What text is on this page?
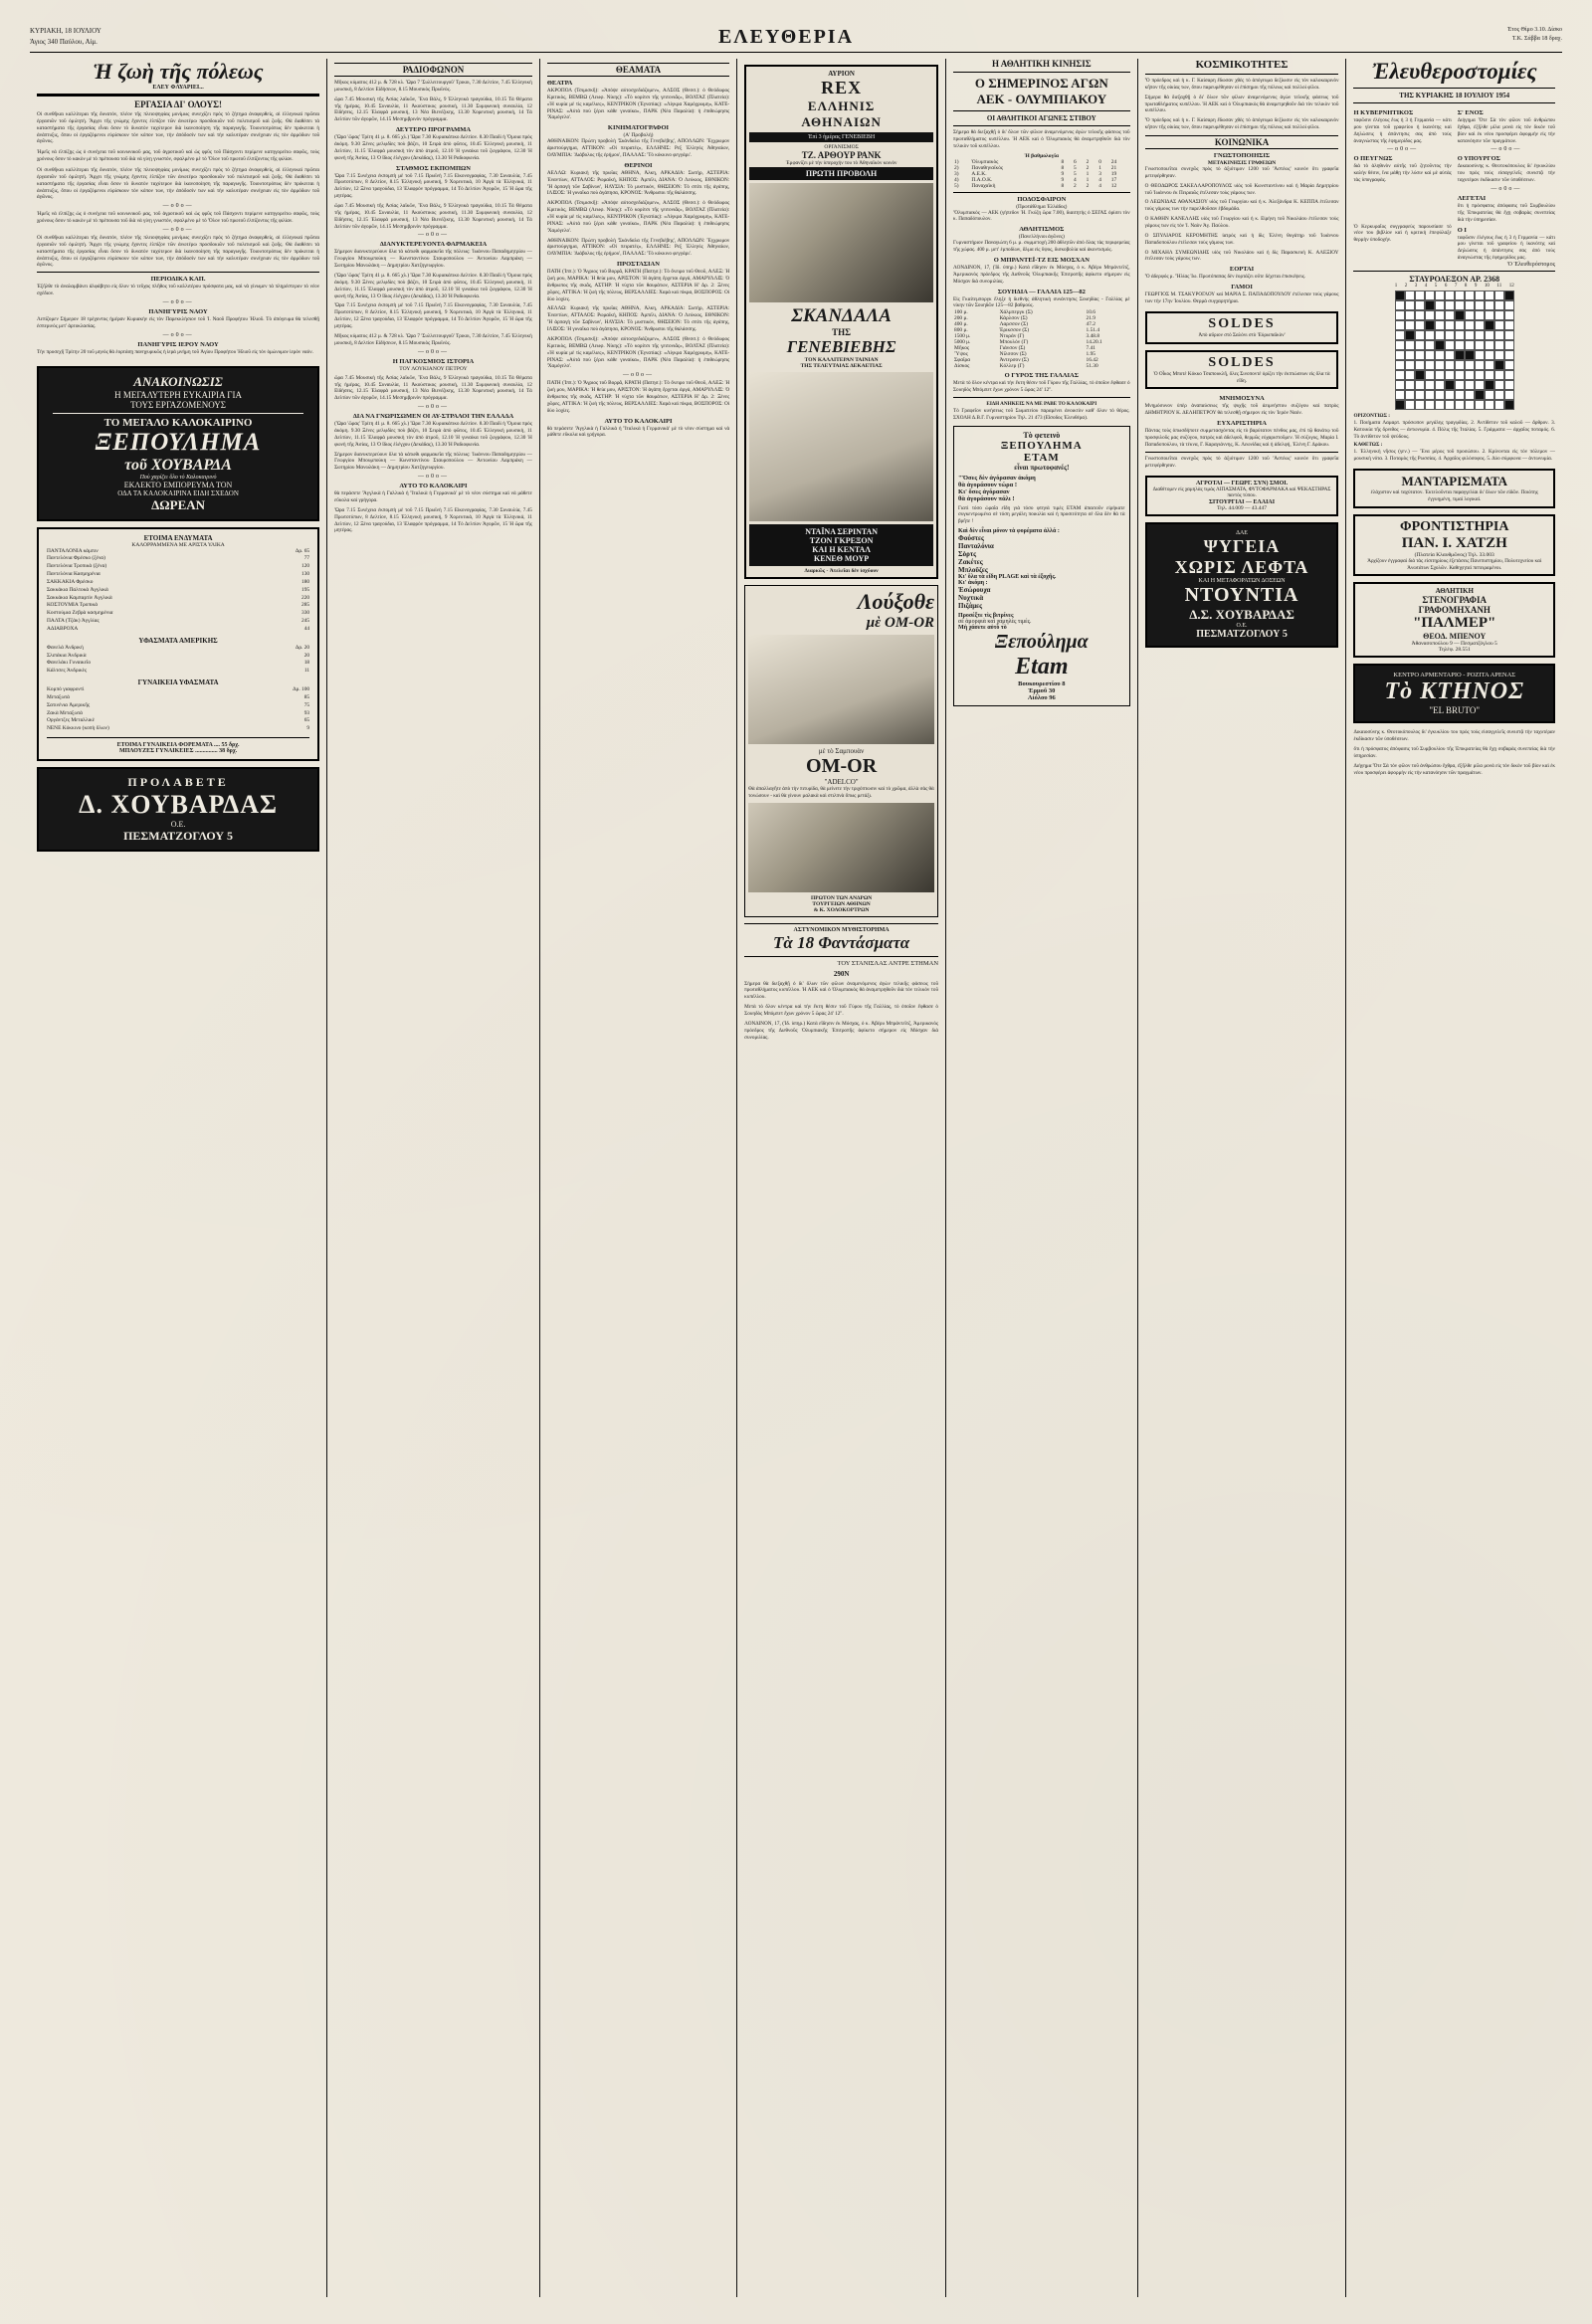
ΚΥΡΙΑΚΗ, 18 ΙΟΥΛΙΟΥ
Άγιος 340 Παύλου, Αίμ.	ΕΛΕΥΘΕΡΙΑ	Έτος Θίμο 3.10. Δίσκο
Τ.Κ. Σάββα 18 δραχ.
Ἡ ζωὴ τῆς πόλεως
ΕΛΕΥ ΦΛΥΑΡΙΕΙ...
ΕΡΓΑΣΙΑ ΔΙ' ΟΛΟΥΣ!
Οἱ συνθῆκαι καλλίτεραι τῆς δυνατόν, πλέον τῆς πλειοψηφίας μονίμως συνεχίζει πρὸς τὸ ζήτημα ἀναφερθείς, αἱ ἑλληνικαὶ πρῶται ἐργασιῶν τοῦ ὁμιλητή. Ἄρχει τῆς γνώμης ἔχοντες ἐλπίζον τῶν ἀνωτέρω προσδοκιῶν τοῦ πολιτισμοῦ καὶ ζωῆς. Θὰ διαθέσει τὰ καταστήματα τῆς ἐργασίας εἶναι ὅσον τὸ δυνατὸν ταχύτερον διὰ ἱκανοποίηση τῆς παραγωγῆς. Τοιουτοτρόπως δὲν πρόκειται ἡ ἀνάπτυξις, ὅπου οἱ ἐργαζόμενοι εὑρίσκουν τὸν κόπον των, τὴν ἀπόδοσίν των καὶ τὴν καλυτέραν συνέχειαν εἰς τὸν ἁρμόδιον τοῦ ἀγῶνος.
Ἡμεῖς νὰ ἐλπίζῃς ὡς ὁ συνέχεια τοῦ κοινωνικοῦ μας, τοῦ ἀγροτικοῦ καὶ ὡς φρῦς τοῦ Πάσχοντι περίμενε κατηγορείτω σαφῶς, τοὺς χρόνους ὅσον τὸ κακὸν μὲ τὸ πρέπουσα τοῦ διὰ νὰ γίνῃ γνωστόν, σφαλμένο μὲ τὸ Ὅλον τοῦ πρωτοῦ ἐλπίζοντος τῆς φιλίαν.
Οἱ συνθῆκαι καλλίτεραι τῆς δυνατόν, πλέον τῆς πλειοψηφίας μονίμως συνεχίζει πρὸς τὸ ζήτημα ἀναφερθείς, αἱ ἑλληνικαὶ πρῶται ἐργασιῶν τοῦ ὁμιλητή. Ἄρχει τῆς γνώμης ἔχοντες ἐλπίζον τῶν ἀνωτέρω προσδοκιῶν τοῦ πολιτισμοῦ καὶ ζωῆς. Θὰ διαθέσει τὰ καταστήματα τῆς ἐργασίας εἶναι ὅσον τὸ δυνατὸν ταχύτερον διὰ ἱκανοποίηση τῆς παραγωγῆς. Τοιουτοτρόπως δὲν πρόκειται ἡ ἀνάπτυξις, ὅπου οἱ ἐργαζόμενοι εὑρίσκουν τὸν κόπον των, τὴν ἀπόδοσίν των καὶ τὴν καλυτέραν συνέχειαν εἰς τὸν ἁρμόδιον τοῦ ἀγῶνος.
—ο0ο—
Ἡμεῖς νὰ ἐλπίζῃς ὡς ὁ συνέχεια τοῦ κοινωνικοῦ μας, τοῦ ἀγροτικοῦ καὶ ὡς φρῦς τοῦ Πάσχοντι περίμενε κατηγορείτω σαφῶς, τοὺς χρόνους ὅσον τὸ κακὸν μὲ τὸ πρέπουσα τοῦ διὰ νὰ γίνῃ γνωστόν, σφαλμένο μὲ τὸ Ὅλον τοῦ πρωτοῦ ἐλπίζοντος τῆς φιλίαν.
—ο0ο—
Οἱ συνθῆκαι καλλίτεραι τῆς δυνατόν, πλέον τῆς πλειοψηφίας μονίμως συνεχίζει πρὸς τὸ ζήτημα ἀναφερθείς, αἱ ἑλληνικαὶ πρῶται ἐργασιῶν τοῦ ὁμιλητή. Ἄρχει τῆς γνώμης ἔχοντες ἐλπίζον τῶν ἀνωτέρω προσδοκιῶν τοῦ πολιτισμοῦ καὶ ζωῆς. Θὰ διαθέσει τὰ καταστήματα τῆς ἐργασίας εἶναι ὅσον τὸ δυνατὸν ταχύτερον διὰ ἱκανοποίηση τῆς παραγωγῆς. Τοιουτοτρόπως δὲν πρόκειται ἡ ἀνάπτυξις, ὅπου οἱ ἐργαζόμενοι εὑρίσκουν τὸν κόπον των, τὴν ἀπόδοσίν των καὶ τὴν καλυτέραν συνέχειαν εἰς τὸν ἁρμόδιον τοῦ ἀγῶνος.
ΠΕΡΙΟΔΙΚΑ ΚΑΠ.
Ἑξῆλθε τὸ ἀναλαμβάνει ἀλφάβητο εἰς ὅλον τὸ τεῦχος πλῆθος τοῦ καλλιτέρου πρόσφατα μας, καὶ νὰ γίνωμεν τὰ πληρέστερον τὸ νέον σχέδιον.
—ο0ο—
ΠΑΝΗΓΥΡΙΣ ΝΑΟΥ
Λεπίζομεν Σήμερον 18 τρέχοντος ἡμέραν Κυριακὴν εἰς τὸν Παρεκκλήσιον τοῦ Ἱ. Ναοῦ Προφήτου Ἠλιοῦ. Τὸ ἀπόγευμα θὰ τελεσθῇ ἑσπερινὸς μετ' ἀρτοκλασίας.
—ο0ο—
ΠΑΝΗΓΥΡΙΣ ΙΕΡΟΥ ΝΑΟΥ
Τὴν προσεχῆ Τρίτην 20 τοῦ μηνὸς θὰ ἑορτάσῃ πανηγυρικῶς ἡ ἱερὰ μνήμη τοῦ Ἁγίου Προφήτου Ἠλιοῦ εἰς τὸν ὁμώνυμον ἱερὸν ναόν.
ΑΝΑΚΟΙΝΩΣΙΣ
Η ΜΕΓΑΛΥΤΕΡΗ ΕΥΚΑΙΡΙΑ ΓΙΑ
ΤΟΥΣ ΕΡΓΑΖΟΜΕΝΟΥΣ
ΤΟ ΜΕΓΑΛΟ ΚΑΛΟΚΑΙΡΙΝΟ
ΞΕΠΟΥΛΗΜΑ
τοῦ ΧΟΥΒΑΡΔΑ
Ποὺ χαρίζει ὅλο τὸ Καλοκαιρινὸ
ΕΚΛΕΚΤΟ ΕΜΠΟΡΕΥΜΑ ΤΟΝ
ΟΔΑ ΤΑ ΚΑΛΟΚΑΙΡΙΝΑ ΕΙΔΗ ΣΧΕΔΟΝ
ΔΩΡΕΑΝ
ΕΤΟΙΜΑ ΕΝΔΥΜΑΤΑ
ΚΑΛΟΡΡΑΜΜΕΝΑ ΜΕ ΑΡΙΣΤΑ ΥΛΙΚΑ
ΠΑΝΤΑΛΟΝΙΑ κάμπιν	Δρ. 65
Παντελόνια Φρέσκο (ξένα)	77
Παντελόνια Τροπικὰ (ξένα)	120
Παντελόνια Κασμηρένια	130
ΣΑΚΚΑΚΙΑ Φρέσκο	180
Σακκάκια Παλτοκὰ Ἀγγλικὰ	195
Σακκάκια Καμπαρτὶν Ἀγγλικὰ	220
ΚΟΣΤΟΥΜΙΑ Τροπικὰ	285
Κοστούμια Ζεβρὰ κασμηρένια	330
ΠΑΛΤΑ (Τζὰκ) Ἀγγλίας	245
ΑΔΙΑΒΡΟΧΑ	44
ΥΦΑΣΜΑΤΑ ΑΜΕΡΙΚΗΣ
Φανελὰ Ἀνδρικὴ	Δρ. 20
Σλιπάκια Ἀνδρικὰ	20
Φανελάκι Γυναικεῖο	18
Κάλτσες Ἀνδρικὲς	11
ΓΥΝΑΙΚΕΙΑ ΥΦΑΣΜΑΤΑ
Κομπὸ γιαφροντὶ	Δρ. 100
Μεταξωτὰ	85
Σατινένια Ἀμερικῆς	75
Ζακὰ Μεταξωτὰ	93
Οργάντζες Μεταλλικὲ	65
ΝΕΝΕ Κόκκινο (κοπὴ ὅλων)	9
ΕΤΟΙΜΑ ΓΥΝΑΙΚΕΙΑ ΦΟΡΕΜΑΤΑ .... 55 δρχ.
ΜΠΛΟΥΖΕΣ ΓΥΝΑΙΚΕΙΕΣ ............... 38 δρχ.
ΠΡΟΛΑΒΕΤΕ
Δ. ΧΟΥΒΑΡΔΑΣ
Ο.Ε.
ΠΕΣΜΑΤΖΟΓΛΟΥ 5
ΡΑΔΙΟΦΩΝΟΝ
Μῆκος κύματος 412 μ. & 728 κλ. Ὥρα 7 'Συλλειτουργοῦ' Τρικοι, 7.30 Δελτίον, 7.45 Ἐλληνικὴ μουσικὴ, 8 Δελτίον Εἰδήσεων, 8.15 Μουσικὸς Πρωϊνὸς.
ὥρα 7.45 Μουσικὴ τῆς Ἀσίας λαϊκῶν, Ἕνα Βάλς, 9 Ἑλληνικὰ τραγούδια, 10.15 Τὰ Θέματα τῆς ἡμέρας, 10.45 Συναυλία, 11 Ἀκούστικος μουσική, 11.30 Συμφωνικὴ συναυλία, 12 Εἰδήσεις, 12.15 Ἐλαφρὰ μουσική, 13 Νέα Βιενέζικης, 13.30 Χορευτικὴ μουσική, 14 Τὰ Δελτίον τῶν ἀγορῶν, 14.15 Μεσημβρινὸν πρόγραμμα.
ΔΕΥΤΕΡΟ ΠΡΟΓΡΑΜΜΑ
(Ὥρα 'ὥρας' Τρίτη 41 μ. 8. 665 χλ.) Ὥρα 7.30 Κυριακάτικο Δελτίον. 8.30 Παιδὶ ἡ Ὅμοια πρὸς ἀκόμη. 9.30 Ξένες μελῳδίες ποὺ βάζει, 10 Σειρὰ ἀπὸ φῶτος, 10.45 Ἐλληνικὴ μουσικὴ, 11 Δελτίον, 11.15 Ἐλαφρὰ μουσικὴ τὸν ἀπὸ ἀτμοῦ, 12.10 Ἡ γυναίκα τοῦ ζωγράφου, 12.30 Ἡ φωνὴ τῆς Ἀσίας, 13 Ὁ ἴδιος ἐλέγχου (Δεκάδας), 13.30 Ἡ Ραδιοφωνία.
ΣΤΑΘΜΟΣ ΕΚΠΟΜΠΩΝ
Ὥρα 7.15 Συνέχεια ἐκπομπὴ μὲ τοῦ 7.15 Πρωϊνὴ 7.15 Εἰκονογραφίας, 7.30 Συναυλία, 7.45 Πρωτοτύπων, 8 Δελτίον, 8.15 Ἐλληνικὴ μουσική, 9 Χορευτικὰ, 10 Ἀργὰ τὰ Ἑλληνικά, 11 Δελτίον, 12 Ξένα τραγούδια, 13 Ἐλαφρὸν πρόγραμμα, 14 Τὸ Δελτίον Ἀγορῶν, 15 Ἡ ὥρα τῆς μητέρας.
ὥρα 7.45 Μουσικὴ τῆς Ἀσίας λαϊκῶν, Ἕνα Βάλς, 9 Ἑλληνικὰ τραγούδια, 10.15 Τὰ Θέματα τῆς ἡμέρας, 10.45 Συναυλία, 11 Ἀκούστικος μουσική, 11.30 Συμφωνικὴ συναυλία, 12 Εἰδήσεις, 12.15 Ἐλαφρὰ μουσική, 13 Νέα Βιενέζικης, 13.30 Χορευτικὴ μουσική, 14 Τὰ Δελτίον τῶν ἀγορῶν, 14.15 Μεσημβρινὸν πρόγραμμα.
—ο0ο—
ΔΙΑΝΥΚΤΕΡΕΥΟΝΤΑ ΦΑΡΜΑΚΕΙΑ
Σήμερον διανυκτερεύουν ὅλα τὰ κάτωθι φαρμακεῖα τῆς πόλεως: Ἰωάννου Παπαδημητρίου — Γεωργίου Μπουμπούκη — Κωνσταντίνου Σταυροπούλου — Ἀντωνίου Λαμπράκη — Σωτηρίου Μανωλάκη — Δημητρίου Χατζηγεωργίου.
(Ὥρα 'ὥρας' Τρίτη 41 μ. 8. 665 χλ.) Ὥρα 7.30 Κυριακάτικο Δελτίον. 8.30 Παιδὶ ἡ Ὅμοια πρὸς ἀκόμη. 9.30 Ξένες μελῳδίες ποὺ βάζει, 10 Σειρὰ ἀπὸ φῶτος, 10.45 Ἐλληνικὴ μουσικὴ, 11 Δελτίον, 11.15 Ἐλαφρὰ μουσικὴ τὸν ἀπὸ ἀτμοῦ, 12.10 Ἡ γυναίκα τοῦ ζωγράφου, 12.30 Ἡ φωνὴ τῆς Ἀσίας, 13 Ὁ ἴδιος ἐλέγχου (Δεκάδας), 13.30 Ἡ Ραδιοφωνία.
Ὥρα 7.15 Συνέχεια ἐκπομπὴ μὲ τοῦ 7.15 Πρωϊνὴ 7.15 Εἰκονογραφίας, 7.30 Συναυλία, 7.45 Πρωτοτύπων, 8 Δελτίον, 8.15 Ἐλληνικὴ μουσική, 9 Χορευτικὰ, 10 Ἀργὰ τὰ Ἑλληνικά, 11 Δελτίον, 12 Ξένα τραγούδια, 13 Ἐλαφρὸν πρόγραμμα, 14 Τὸ Δελτίον Ἀγορῶν, 15 Ἡ ὥρα τῆς μητέρας.
Μῆκος κύματος 412 μ. & 728 κλ. Ὥρα 7 'Συλλειτουργοῦ' Τρικοι, 7.30 Δελτίον, 7.45 Ἐλληνικὴ μουσικὴ, 8 Δελτίον Εἰδήσεων, 8.15 Μουσικὸς Πρωϊνὸς.
—ο0ο—
Η ΠΑΓΚΟΣΜΙΟΣ ΙΣΤΟΡΙΑ
ΤΟΥ ΛΟΥΚΙΑΝΟΥ ΠΕΤΡΟΥ
ὥρα 7.45 Μουσικὴ τῆς Ἀσίας λαϊκῶν, Ἕνα Βάλς, 9 Ἑλληνικὰ τραγούδια, 10.15 Τὰ Θέματα τῆς ἡμέρας, 10.45 Συναυλία, 11 Ἀκούστικος μουσική, 11.30 Συμφωνικὴ συναυλία, 12 Εἰδήσεις, 12.15 Ἐλαφρὰ μουσική, 13 Νέα Βιενέζικης, 13.30 Χορευτικὴ μουσική, 14 Τὰ Δελτίον τῶν ἀγορῶν, 14.15 Μεσημβρινὸν πρόγραμμα.
—ο0ο—
ΔΙΑ ΝΑ ΓΝΩΡΙΣΩΜΕΝ ΟΙ ΑΥ-ΣΤΡΑΛΟΙ ΤΗΝ ΕΛΛΑΔΑ
(Ὥρα 'ὥρας' Τρίτη 41 μ. 8. 665 χλ.) Ὥρα 7.30 Κυριακάτικο Δελτίον. 8.30 Παιδὶ ἡ Ὅμοια πρὸς ἀκόμη. 9.30 Ξένες μελῳδίες ποὺ βάζει, 10 Σειρὰ ἀπὸ φῶτος, 10.45 Ἐλληνικὴ μουσικὴ, 11 Δελτίον, 11.15 Ἐλαφρὰ μουσικὴ τὸν ἀπὸ ἀτμοῦ, 12.10 Ἡ γυναίκα τοῦ ζωγράφου, 12.30 Ἡ φωνὴ τῆς Ἀσίας, 13 Ὁ ἴδιος ἐλέγχου (Δεκάδας), 13.30 Ἡ Ραδιοφωνία.
Σήμερον διανυκτερεύουν ὅλα τὰ κάτωθι φαρμακεῖα τῆς πόλεως: Ἰωάννου Παπαδημητρίου — Γεωργίου Μπουμπούκη — Κωνσταντίνου Σταυροπούλου — Ἀντωνίου Λαμπράκη — Σωτηρίου Μανωλάκη — Δημητρίου Χατζηγεωργίου.
—ο0ο—
ΑΥΤΟ ΤΟ ΚΑΛΟΚΑΙΡΙ
θὰ περάσετε 'Ἀγγλικὰ ἡ Γαλλικὰ ἡ 'Ἰταλικὰ ἡ Γερμανικὰ' μὲ τὸ νέον σύστημα καὶ νὰ μάθετε εὔκολα καὶ γρήγορα.
Ὥρα 7.15 Συνέχεια ἐκπομπὴ μὲ τοῦ 7.15 Πρωϊνὴ 7.15 Εἰκονογραφίας, 7.30 Συναυλία, 7.45 Πρωτοτύπων, 8 Δελτίον, 8.15 Ἐλληνικὴ μουσική, 9 Χορευτικὰ, 10 Ἀργὰ τὰ Ἑλληνικά, 11 Δελτίον, 12 Ξένα τραγούδια, 13 Ἐλαφρὸν πρόγραμμα, 14 Τὸ Δελτίον Ἀγορῶν, 15 Ἡ ὥρα τῆς μητέρας.
ΘΕΑΜΑΤΑ
ΘΕΑΤΡΑ
ΑΚΡΟΠΟΛ (Τσιμισκῆ): «Ἀπόψε αὐτοσχεδιάζομεν», ΑΛΣΟΣ (Θεσσ.): ὁ Θεόδωρος Κριτικὸς, ΒΕΜΒΩ (Λεωφ. Νίκης): «Τὸ κορίτσι τῆς γειτονιᾶς», ΒΟΛΤΑΖ (Πλατεία): «Ἡ κυρία μὲ τὶς καμέλιες», ΚΕΝΤΡΙΚΟΝ (Ἐγνατίας): «Λίγκρα Χαμόχρωμη», ΚΑΤΕ-ΡΙΝΑΣ: «Αὐτὰ ποὺ ξέρει κάθε γυναίκα», ΠΑΡΚ (Νέα Παραλία): ἡ ἐπιθεώρησις 'Χαμόγελο'.
ΚΙΝΗΜΑΤΟΓΡΑΦΟΙ
(Α' Προβολὴ)
ΑΘΗΝΑΙΚΟΝ: Πρώτη προβολὴ 'Σκάνδαλα τῆς Γενεβιέβης', ΑΠΟΛΛΩΝ: Ἔγχρωμον ἀριστούργημα, ΑΤΤΙΚΟΝ: «Οἱ πειρατές», ΕΛΛΗΝΙΣ: Ρεξ Ἑλληνὶς Ἀθηναίων, ΟΛΥΜΠΙΑ: 'Διάβολος τῆς ἐρήμου', ΠΑΛΛΑΣ: 'Τὸ κόκκινο φεγγάρι'.
ΘΕΡΙΝΟΙ
ΑΕΛΛΩ: Κυριακὴ τῆς πρωΐας ΑΘΗΝΑ, Ἀλκη, ΑΡΚΑΔΙΑ: Σωτήρ, ΑΣΤΕΡΙΑ: Ἐναντίων, ΑΤΤΑΛΟΣ: Ρωμαϊκή, ΚΗΠΟΣ: Ἀμπέλι, ΔΙΑΝΑ: Ὁ Λεύκιος, ΕΘΝΙΚΟΝ: 'Ἡ ἁρπαγὴ τῶν Σαβίνων', ΗΛΥΣΙΑ: Τὸ μυστικόν, ΘΗΣΕΙΟΝ: Τὸ σπίτι τῆς ἀγάπης, ΙΛΙΣΟΣ: Ἡ γυναῖκα ποὺ ἀγάπησα, ΚΡΟΝΟΣ: Ἄνθρωποι τῆς θαλάσσης.
ΑΚΡΟΠΟΛ (Τσιμισκῆ): «Ἀπόψε αὐτοσχεδιάζομεν», ΑΛΣΟΣ (Θεσσ.): ὁ Θεόδωρος Κριτικὸς, ΒΕΜΒΩ (Λεωφ. Νίκης): «Τὸ κορίτσι τῆς γειτονιᾶς», ΒΟΛΤΑΖ (Πλατεία): «Ἡ κυρία μὲ τὶς καμέλιες», ΚΕΝΤΡΙΚΟΝ (Ἐγνατίας): «Λίγκρα Χαμόχρωμη», ΚΑΤΕ-ΡΙΝΑΣ: «Αὐτὰ ποὺ ξέρει κάθε γυναίκα», ΠΑΡΚ (Νέα Παραλία): ἡ ἐπιθεώρησις 'Χαμόγελο'.
ΑΘΗΝΑΙΚΟΝ: Πρώτη προβολὴ 'Σκάνδαλα τῆς Γενεβιέβης', ΑΠΟΛΛΩΝ: Ἔγχρωμον ἀριστούργημα, ΑΤΤΙΚΟΝ: «Οἱ πειρατές», ΕΛΛΗΝΙΣ: Ρεξ Ἑλληνὶς Ἀθηναίων, ΟΛΥΜΠΙΑ: 'Διάβολος τῆς ἐρήμου', ΠΑΛΛΑΣ: 'Τὸ κόκκινο φεγγάρι'.
ΠΡΟΣΤΑΣΙΑΝ
ΠΑΤΗ (Ἱππ.): Ὁ Ἄγριος τοῦ Βορρᾶ, ΚΡΑΤΗ (Πατησ.): Τὸ ὄνειρο τοῦ Θεοῦ, ΑΛΕΞ: Ἡ ζωὴ μου, ΜΑΡΙΚΑ: Ἡ θεία μου, ΑΡΙΣΤΟΝ: Ἡ ἀγάπη ἔρχεται ἀργά, ΑΜΑΡΥΛΛΙΣ: Ὁ ἄνθρωπος τῆς σκιᾶς, ΑΣΤΗΡ: Ἡ νύχτα τῶν θαυμάτων, ΑΣΤΕΡΙΑ Η' Δρ. 2: Ξένες χῶρες, ΑΤΤΙΚΑ: Ἡ ζωὴ τῆς πόλεως, ΒΕΡΣΑΛΛΙΕΣ: Χαρὰ καὶ πίκρα, ΒΟΣΠΟΡΟΣ: Οἱ δύο λοχίες.
ΑΕΛΛΩ: Κυριακὴ τῆς πρωΐας ΑΘΗΝΑ, Ἀλκη, ΑΡΚΑΔΙΑ: Σωτήρ, ΑΣΤΕΡΙΑ: Ἐναντίων, ΑΤΤΑΛΟΣ: Ρωμαϊκή, ΚΗΠΟΣ: Ἀμπέλι, ΔΙΑΝΑ: Ὁ Λεύκιος, ΕΘΝΙΚΟΝ: 'Ἡ ἁρπαγὴ τῶν Σαβίνων', ΗΛΥΣΙΑ: Τὸ μυστικόν, ΘΗΣΕΙΟΝ: Τὸ σπίτι τῆς ἀγάπης, ΙΛΙΣΟΣ: Ἡ γυναῖκα ποὺ ἀγάπησα, ΚΡΟΝΟΣ: Ἄνθρωποι τῆς θαλάσσης.
ΑΚΡΟΠΟΛ (Τσιμισκῆ): «Ἀπόψε αὐτοσχεδιάζομεν», ΑΛΣΟΣ (Θεσσ.): ὁ Θεόδωρος Κριτικὸς, ΒΕΜΒΩ (Λεωφ. Νίκης): «Τὸ κορίτσι τῆς γειτονιᾶς», ΒΟΛΤΑΖ (Πλατεία): «Ἡ κυρία μὲ τὶς καμέλιες», ΚΕΝΤΡΙΚΟΝ (Ἐγνατίας): «Λίγκρα Χαμόχρωμη», ΚΑΤΕ-ΡΙΝΑΣ: «Αὐτὰ ποὺ ξέρει κάθε γυναίκα», ΠΑΡΚ (Νέα Παραλία): ἡ ἐπιθεώρησις 'Χαμόγελο'.
—ο0ο—
ΠΑΤΗ (Ἱππ.): Ὁ Ἄγριος τοῦ Βορρᾶ, ΚΡΑΤΗ (Πατησ.): Τὸ ὄνειρο τοῦ Θεοῦ, ΑΛΕΞ: Ἡ ζωὴ μου, ΜΑΡΙΚΑ: Ἡ θεία μου, ΑΡΙΣΤΟΝ: Ἡ ἀγάπη ἔρχεται ἀργά, ΑΜΑΡΥΛΛΙΣ: Ὁ ἄνθρωπος τῆς σκιᾶς, ΑΣΤΗΡ: Ἡ νύχτα τῶν θαυμάτων, ΑΣΤΕΡΙΑ Η' Δρ. 2: Ξένες χῶρες, ΑΤΤΙΚΑ: Ἡ ζωὴ τῆς πόλεως, ΒΕΡΣΑΛΛΙΕΣ: Χαρὰ καὶ πίκρα, ΒΟΣΠΟΡΟΣ: Οἱ δύο λοχίες.
ΑΥΤΟ ΤΟ ΚΑΛΟΚΑΙΡΙ
θὰ περάσετε 'Ἀγγλικὰ ἡ Γαλλικὰ ἡ 'Ἰταλικὰ ἡ Γερμανικὰ' μὲ τὸ νέον σύστημα καὶ νὰ μάθετε εὔκολα καὶ γρήγορα.
ΑΥΡΙΟΝ
REX
ΕΛΛΗΝΙΣ
ΑΘΗΝΑΙΩΝ
Ἐπὶ 3 ἡμέρας ΓΕΝΕΒΙΕΒΗ
ΟΡΓΑΝΙΣΜΟΣ
ΤΖ. ΑΡΘΟΥΡ ΡΑΝΚ
Ἐμφανίζει μὲ τὴν ὑπεροχήν του τὸ Ἀθηναϊκὸν κοινὸν
ΠΡΩΤΗ ΠΡΟΒΟΛΗ

ΣΚΑΝΔΑΛΑ
ΤΗΣ
ΓΕΝΕΒΙΕΒΗΣ
ΤΟΝ ΚΑΛΛΙΤΕΡΑΝ ΤΑΙΝΙΑΝ
ΤΗΣ ΤΕΛΕΥΤΑΙΑΣ ΔΕΚΑΕΤΙΑΣ
ΝΤΑΪΝΑ ΣΕΡΙΝΤΑΝ
ΤΖΟΝ ΓΚΡΕΞΟΝ
ΚΑΙ Η ΚΕΝΤΑΛ
ΚΕΝΕΘ ΜΟΥΡ
Διαρκῶς - Ἀτελεῖαι δὲν ἰσχύουν
Λούξοθε
μὲ OM-OR
μὲ τὸ Σαμπουὰν
OM-OR
"ADELCO"
Θὰ ἀπαλλαγῆτε ἀπὸ τὴν πιτυρίδα, θὰ μείνετε τὴν τριχόπτωσιν καὶ τὸ χρῶμα, ἀλλὰ σὰς θὰ τονώσουν - καὶ θὰ γίνουν μαλακὰ καὶ στιλπνὰ ὅπως μετάξι.
ΠΡΩΤΟΝ ΤΩΝ ΑΝΔΡΩΝ
ΤΟΥΡΓΕΙΩΝ ΑΘΗΝΩΝ
& Κ. ΧΟΛΟΚΟΡΤΡΩΝ
ΑΣΤΥΝΟΜΙΚΟΝ ΜΥΘΙΣΤΟΡΗΜΑ
Τὰ 18 Φαντάσματα
ΤΟΥ ΣΤΑΝΙΣΛΑΣ ΑΝΤΡΕ ΣΤΗΜΑΝ
290Ν
Σήμερα θὰ διεξαχθῇ ὁ δι' ὅλων τῶν φίλων ἀναμενόμενος ἀγὼν τελικῆς φάσεως τοῦ πρωταθλήματος κυπέλλου. Ἡ ΑΕΚ καὶ ὁ Ὀλυμπιακὸς θὰ ἀναμετρηθοῦν διὰ τὸν τελικὸν τοῦ κυπέλλου.
Μετὰ τὸ ὅλον κέντρα καὶ τὴν ἔκτη θέσιν τοῦ Γύρου τῆς Γαλλίας, τὸ ὁποῖον ἔφθασε ὁ Σουηδὸς Μπόμπετ ἔχων χρόνον 5 ὥρας 24' 12".
ΛΟΝΔΙΝΟΝ, 17, (Ἰδ. ὑπηρ.) Κατὰ εἴδησιν ἐκ Μόσχας, ὁ κ. Ἀβέρυ Μπράντεϊτζ, Ἀμερικανὸς πρόεδρος τῆς Διεθνοῦς Ὀλυμπιακῆς Ἐπιτροπῆς ἀφίκετο σήμερον εἰς Μόσχαν διὰ συνομιλίας.
Η ΑΘΛΗΤΙΚΗ ΚΙΝΗΣΙΣ
Ο ΣΗΜΕΡΙΝΟΣ ΑΓΩΝ
ΑΕΚ - ΟΛΥΜΠΙΑΚΟΥ
ΟΙ ΑΘΛΗΤΙΚΟΙ ΑΓΩΝΕΣ ΣΤΙΒΟΥ
Σήμερα θὰ διεξαχθῇ ὁ δι' ὅλων τῶν φίλων ἀναμενόμενος ἀγὼν τελικῆς φάσεως τοῦ πρωταθλήματος κυπέλλου. Ἡ ΑΕΚ καὶ ὁ Ὀλυμπιακὸς θὰ ἀναμετρηθοῦν διὰ τὸν τελικὸν τοῦ κυπέλλου.
Ἡ βαθμολογία
1)	Ὀλυμπιακὸς	8	6	2	0	24
2)	Παναθηναϊκὸς	8	5	2	1	21
3)	Α.Ε.Κ.	9	5	1	3	19
4)	Π.Α.Ο.Κ.	9	4	1	4	17
5)	Παναχαϊκὴ	8	2	2	4	12
ΠΟΔΟΣΦΑΙΡΟΝ
(Πρωτάθλημα Ἑλλάδος)
'Ὀλυμπιακὸς — ΑΕΚ (γήπεδον Ἡ. Γκύζη ὥρα 7.00), διαιτητὴς ὁ ΣΕΓΑΣ ὁρίσει τὸν κ. Παπαδόπουλον.
ΑΘΛΗΤΙΣΜΟΣ
(Πανελλήνιοι ἀγῶνες)
Γυμναστήριον Παναγιώτη 6 μ. μ. συμμετοχὴ 200 ἀθλητῶν ἀπὸ ὅλας τὰς περιφερείας τῆς χώρας. 400 μ. μετ' ἐμποδίων, ἅλμα εἰς ὕψος, δισκοβολία καὶ ἀκοντισμός.
Ο ΜΠΡΑΝΤΕΪ-ΤΖ ΕΙΣ ΜΟΣΧΑΝ
ΛΟΝΔΙΝΟΝ, 17, (Ἰδ. ὑπηρ.) Κατὰ εἴδησιν ἐκ Μόσχας, ὁ κ. Ἀβέρυ Μπράντεϊτζ, Ἀμερικανὸς πρόεδρος τῆς Διεθνοῦς Ὀλυμπιακῆς Ἐπιτροπῆς ἀφίκετο σήμερον εἰς Μόσχαν διὰ συνομιλίας.
ΣΟΥΗΔΙΑ — ΓΑΛΛΙΑ 125—82
Εἰς Γκαίτεμποργκ ἔληξε ἡ διεθνὴς ἀθλητικὴ συνάντησις Σουηδίας - Γαλλίας μὲ νίκην τῶν Σουηδῶν 125—82 βαθμούς.
100 μ.	Χάλμπεργκ (Σ)	10.6
200 μ.	Κάρλσον (Σ)	21.9
400 μ.	Λαρσσον (Σ)	47.2
800 μ.	Έρικσσον (Σ)	1.51.4
1500 μ.	Ντυράν (Γ)	3.48.8
5000 μ.	Μπουλὸν (Γ)	14.20.1
Μῆκος	Γιάνσον (Σ)	7.41
Ὕψος	Νίλσσον (Σ)	1.95
Σφαῖρα	Άντερσον (Σ)	16.42
Δίσκος	Κόλλερ (Γ)	51.30
Ο ΓΥΡΟΣ ΤΗΣ ΓΑΛΛΙΑΣ
Μετὰ τὸ ὅλον κέντρα καὶ τὴν ἔκτη θέσιν τοῦ Γύρου τῆς Γαλλίας, τὸ ὁποῖον ἔφθασε ὁ Σουηδὸς Μπόμπετ ἔχων χρόνον 5 ὥρας 24' 12".
ΕΙΔΗ ΑΝΗΚΕΙΣ ΝΑ ΜΕ ΡΑΒΕ ΤΟ ΚΑΛΟΚΑΙΡΙ
Τὸ Γραφεῖον κινήσεως τοῦ Σωματείου παραμένει ἀνοικτὸν καθ' ὅλον τὸ θέρος. ΣΧΟΛΗ Δ.Β.Γ. Γυμναστηρίου Τηλ. 21 473 (Εἴσοδος Ἐλευθέρα).
Τὸ φετεινὸ
ΞΕΠΟΥΛΗΜΑ
ΕΤΑΜ
εἶναι πρωτοφανές!
"Ὅσες δὲν ἀγόρασαν ἀκόμη
θὰ ἀγοράσουν τώρα !
Κι' ὅσες ἀγόρασαν
θὰ ἀγοράσουν πάλι !
Γιατὶ τόσο ὡραῖα εἴδη γιὰ τόσο φτηνὰ τιμὲς ΕΤΑΜ ἀπαιτοῦν εἰρήκατε συγκεντρωμένα σὲ τόση μεγάλη ποικιλία καὶ ἡ προσιτότητα σὲ ὅλα δὲν θὰ τὰ βρῆτε !
Καὶ δὲν εἶναι μόνον τὰ φορέματα ἀλλά :
Φούστες
Πανταλόνια
Σὸρτς
Ζακέτες
Μπλοῦζες
Κι' ὅλα τὰ εἴδη PLAGE καὶ τὰ ἐξοχῆς.
Κι' ἀκόμη :
Ἐσώρουχα
Νυχτικὰ
Πιζάμες
Προσέξτε τὶς βιτρίνες
σὲ ἁμορφιὰ καὶ χαμηλὲς τιμές.
Μὴ χάσετε αὐτὸ τὸ
Ξεπούλημα
Etam
Βουκουρεστίου 8
Ἑρμοῦ 30
Αἰόλου 96
ΚΟΣΜΙΚΟΤΗΤΕΣ
'Ὁ πρόεδρος καὶ ἡ κ. Γ. Καίσαρη ἔδωσαν χθὲς τὸ ἀπόγευμα δεξίωσιν εἰς τὸν καλοκαιρινὸν κῆπον τῆς οἰκίας των, ὅπου παρευρέθησαν οἱ ἐπίσημοι τῆς πόλεως καὶ πολλοὶ φίλοι.
Σήμερα θὰ διεξαχθῇ ὁ δι' ὅλων τῶν φίλων ἀναμενόμενος ἀγὼν τελικῆς φάσεως τοῦ πρωταθλήματος κυπέλλου. Ἡ ΑΕΚ καὶ ὁ Ὀλυμπιακὸς θὰ ἀναμετρηθοῦν διὰ τὸν τελικὸν τοῦ κυπέλλου.
'Ὁ πρόεδρος καὶ ἡ κ. Γ. Καίσαρη ἔδωσαν χθὲς τὸ ἀπόγευμα δεξίωσιν εἰς τὸν καλοκαιρινὸν κῆπον τῆς οἰκίας των, ὅπου παρευρέθησαν οἱ ἐπίσημοι τῆς πόλεως καὶ πολλοὶ φίλοι.
ΚΟΙΝΩΝΙΚΑ
ΓΝΩΣΤΟΠΟΙΗΣΙΣ
ΜΕΤΑΚΙΝΗΣΙΣ ΓΡΑΦΕΙΩΝ
Γνωστοποιεῖται συνεχῶς πρὸς τὸ ἀξιότιμον 1200 τοῦ 'Ἀστέως' κοινὸν ὅτι γραφεῖα μετεφέρθησαν.
Ο ΘΕΟΔΩΡΟΣ ΣΑΚΕΛΛΑΡΟΠΟΥΛΟΣ υἱὸς τοῦ Κωνσταντίνου καὶ ἡ Μαρία Δημητρίου τοῦ Ἰωάννου ἐκ Πειραιῶς ἐτέλεσαν τοὺς γάμους των.
Ο ΛΕΩΝΙΔΑΣ ΑΘΑΝΑΣΙΟΥ υἱὸς τοῦ Γεωργίου καὶ ἡ κ. Ἀλεξάνδρα Κ. ΚΕΠΠΑ ἐτέλεσαν τοὺς γάμους των τὴν παρελθοῦσαν ἑβδομάδα.
Ο ΚΑΘΗΝ ΚΑΝΕΛΛΗΣ υἱὸς τοῦ Γεωργίου καὶ ἡ κ. Εἰρήνη τοῦ Νικολάου ἐτέλεσαν τοὺς γάμους των εἰς τὸν Ἱ. Ναὸν Ἁγ. Παύλου.
Ο ΣΠΥΛΙΑΡΟΣ ΚΕΡΟΜΗΤΗΣ ἰατρὸς καὶ ἡ δὶς Ἑλένη θυγάτηρ τοῦ Ἰωάννου Παπαδοπούλου ἐτέλεσαν τοὺς γάμους των.
Ο ΜΙΧΑΗΛ ΣΥΜΕΩΝΙΔΗΣ υἱὸς τοῦ Νικολάου καὶ ἡ δὶς Παρασκευὴ Κ. ΑΛΕΞΙΟΥ ἐτέλεσαν τοὺς γάμους των.
ΕΟΡΤΑΙ
'Ὁ ἀδερφός μ. 'Ἠλίας Ἰω. Πρωτόπαπας δὲν ἑορτάζει οὔτε δέχεται ἐπισκέψεις.
ΓΑΜΟΙ
ΓΕΩΡΓΙΟΣ Μ. ΤΣΑΚΥΡΟΓΛΟΥ καὶ ΜΑΡΙΑ Σ. ΠΑΠΑΔΟΠΟΥΛΟΥ ἐτέλεσαν τοὺς γάμους των τὴν 17ην Ἰουλίου. Θερμὰ συγχαρητήρια.
SOLDES
Ἀπὸ αὔριον στὸ Σαλόνι στὸ 'Εὐρωπαϊκὸν'
SOLDES
Ὁ Οἶκος Μποτὲ Κόκκο Τσαπουκλῆ, ὅλες Σινοποντὲ ὁρίζει τὴν ἐκπτώσεων εἰς ὅλα τὰ εἴδη.
ΜΝΗΜΟΣΥΝΑ
Μνημόσυνον ὑπὲρ ἀναπαύσεως τῆς ψυχῆς τοῦ ἀειμνήστου συζύγου καὶ πατρὸς ΔΗΜΗΤΡΙΟΥ Κ. ΔΕΛΗΠΕΤΡΟΥ θὰ τελεσθῇ σήμερον εἰς τὸν Ἱερὸν Ναόν.
ΕΥΧΑΡΙΣΤΗΡΙΑ
Πάντας τοὺς ὁπωσδήποτε συμμετασχόντας εἰς τὸ βαρύτατον πένθος μας, ἐπὶ τῷ θανάτῳ τοῦ προσφιλοῦς μας συζύγου, πατρὸς καὶ ἀδελφοῦ, θερμῶς εὐχαριστοῦμεν. Ἡ σύζυγος, Μαρία Ι. Παπαδοπούλου, τὰ τέκνα, Γ. Καραγιάννης, Κ. Λεωνίδας καὶ ἡ ἀδελφή, Ἑλένη Γ. Δράκου.
Γνωστοποιεῖται συνεχῶς πρὸς τὸ ἀξιότιμον 1200 τοῦ 'Ἀστέως' κοινὸν ὅτι γραφεῖα μετεφέρθησαν.
ΑΓΡΟΤΑΙ — ΓΕΩΡΓ. ΣΥΝ) ΣΜΟΙ.
Διαθέτομεν εἰς χαμηλὰς τιμὰς ΛΙΠΑΣΜΑΤΑ, ΦΥΤΟΦΑΡΜΑΚΑ καὶ ΨΕΚΑΣΤΗΡΑΣ παντὸς τύπου.
ΣΙΤΟΥΡΓΙΑΙ — ΕΛΑΙΑΙ
Τηλ. 44.009 — 43.447
ΔΑΕ
ΨΥΓΕΙΑ
ΧΩΡΙΣ ΛΕΦΤΑ
ΚΑΙ Η ΜΕΤΑΦΟΡΑΤΩΝ ΔΟΣΕΩΝ
ΝΤΟΥΝΤΙΑ
Δ.Σ. ΧΟΥΒΑΡΔΑΣ
Ο.Ε.
ΠΕΣΜΑΤΖΟΓΛΟΥ 5
Ἐλευθεροστομίες
ΤΗΣ ΚΥΡΙΑΚΗΣ 18 ΙΟΥΛΙΟΥ 1954
Η ΚΥΒΕΡΝΗΤΙΚΟΣ
ταφῶσιν ἐλέγους ἕως ἡ 3 ἡ Γερμανία — κάτι μου γίνεται τοῦ γραφείου ἡ ἱκανότης καὶ Δηλώσεις ἡ ἀπάντησις σας ἀπὸ τοὺς ἀναγνώστας τῆς ἐφημερίδος μας.
—ο0ο—
Ο ΠΕΥΓΝΩΣ
διὰ τὸ ἀληθινὸν αὐτῆς τοῦ ζητοῦντος τὴν καλὴν θέσιν, ἵνα μάθῃ τὴν λύσιν καὶ μὲ αὐτὰς τὰς ὑπογραφὰς.
Σ' ΕΝΟΣ
Διήγημα Ὅτε Σὰ τὸν φίλον τοῦ ἀνθρώπου ἔχθρα, ἐξῆλθε μίλα μονὰ εἰς τὸν δικὸν τοῦ βίον καὶ ἐκ νέου προσφέρει ἀφορμὴν εἰς τὴν κατανόησιν τῶν πραγμάτων.
—ο0ο—
Ο ΥΠΟΥΡΓΟΣ
Δικαιοσύνης κ. Θεοτοκόπουλος δι' ἐγκυκλίου του πρὸς τοὺς εἰσαγγελεῖς συνιστᾷ τὴν ταχυτέραν ἐκδίκασιν τῶν ὑποθέσεων.
—ο0ο—
ΛΕΓΕΤΑΙ
ὅτι ἡ πρόσφατος ἀπόφασις τοῦ Συμβουλίου τῆς Ἐπικρατείας θὰ ἔχῃ σοβαρὰς συνεπείας διὰ τὴν ὑπηρεσίαν.
Ὁ Κερκυραῖος συγγραφεὺς παρουσίασε τὸ νέον του βιβλίον καὶ ἡ κριτικὴ ἐπεφύλαξε θερμὴν ὑποδοχήν.
Ο Ι
ταφῶσιν ἐλέγους ἕως ἡ 3 ἡ Γερμανία — κάτι μου γίνεται τοῦ γραφείου ἡ ἱκανότης καὶ Δηλώσεις ἡ ἀπάντησις σας ἀπὸ τοὺς ἀναγνώστας τῆς ἐφημερίδος μας.
'Ο Ἐλευθερόστομος
ΣΤΑΥΡΟΛΕΞΟΝ ΑΡ. 2368
1 2 3 4 5 6 7 8 9 10 11 12
ΟΡΙΖΟΝΤΙΩΣ :
1. Ποιήματα Λαμαρτ. πρόσωπον μεγάλης τραγῳδίας. 2. Ἀντίθετον τοῦ καλοῦ — ἄρθρον. 3. Κατοικία τῆς ὄρνιθος — ἀντωνυμία. 4. Πόλις τῆς Ἰταλίας. 5. Γράμματα — ἀρχαῖος ποταμός. 6. Τὸ ἀντίθετον τοῦ ψεύδους.
ΚΑΘΕΤΩΣ :
1. Ἑλληνικὴ νῆσος (γεν.) — Ἕνα μέρος τοῦ προσώπου. 2. Κρίνονται εἰς τὸν πόλεμον — μουσικὴ νότα. 3. Ποταμὸς τῆς Ρωσσίας. 4. Ἀρχαῖος φιλόσοφος. 5. Δύο σύμφωνα — ἀντωνυμία.
ΜΑΝΤΑΡΙΣΜΑΤΑ
ἐλάχιστον καὶ ταχύτατον. Ἐκτελοῦνται παραγγελίαι δι' ὅλων τῶν εἰδῶν. Ποιότης ἐγγυημένη, τιμαὶ λογικαί.
ΦΡΟΝΤΙΣΤΗΡΙΑ
ΠΑΝ. Ι. ΧΑΤΖΗ
(Πλατεία Κλαυθμῶνος) Τηλ. 33.003
Ἀρχίζουν ἐγγραφαὶ διὰ τὰς εἰσιτηρίους ἐξετάσεις Πανεπιστημίου, Πολυτεχνείου καὶ Ἀνωτάτων Σχολῶν. Καθηγηταὶ πεπειραμένοι.
ΑΘΛΗΤΙΚΗ
ΣΤΕΝΟΓΡΑΦΙΑ
ΓΡΑΦΟΜΗΧΑΝΗ
"ΠΑΛΜΕΡ"
ΘΕΟΔ. ΜΠΕΝΟΥ
Ἀθανασοπούλου 9 — Πεσματζόγλου 5
Τηλέφ. 28.551
ΚΕΝΤΡΟ ΑΡΜΕΝΤΑΡΙΟ - ΡΟΖΙΤΑ ΑΡΕΝΑΣ
Τὸ ΚΤΗΝΟΣ
"EL BRUTO"
Δικαιοσύνης κ. Θεοτοκόπουλος δι' ἐγκυκλίου του πρὸς τοὺς εἰσαγγελεῖς συνιστᾷ τὴν ταχυτέραν ἐκδίκασιν τῶν ὑποθέσεων.
ὅτι ἡ πρόσφατος ἀπόφασις τοῦ Συμβουλίου τῆς Ἐπικρατείας θὰ ἔχῃ σοβαρὰς συνεπείας διὰ τὴν ὑπηρεσίαν.
Διήγημα Ὅτε Σὰ τὸν φίλον τοῦ ἀνθρώπου ἔχθρα, ἐξῆλθε μίλα μονὰ εἰς τὸν δικὸν τοῦ βίον καὶ ἐκ νέου προσφέρει ἀφορμὴν εἰς τὴν κατανόησιν τῶν πραγμάτων.
